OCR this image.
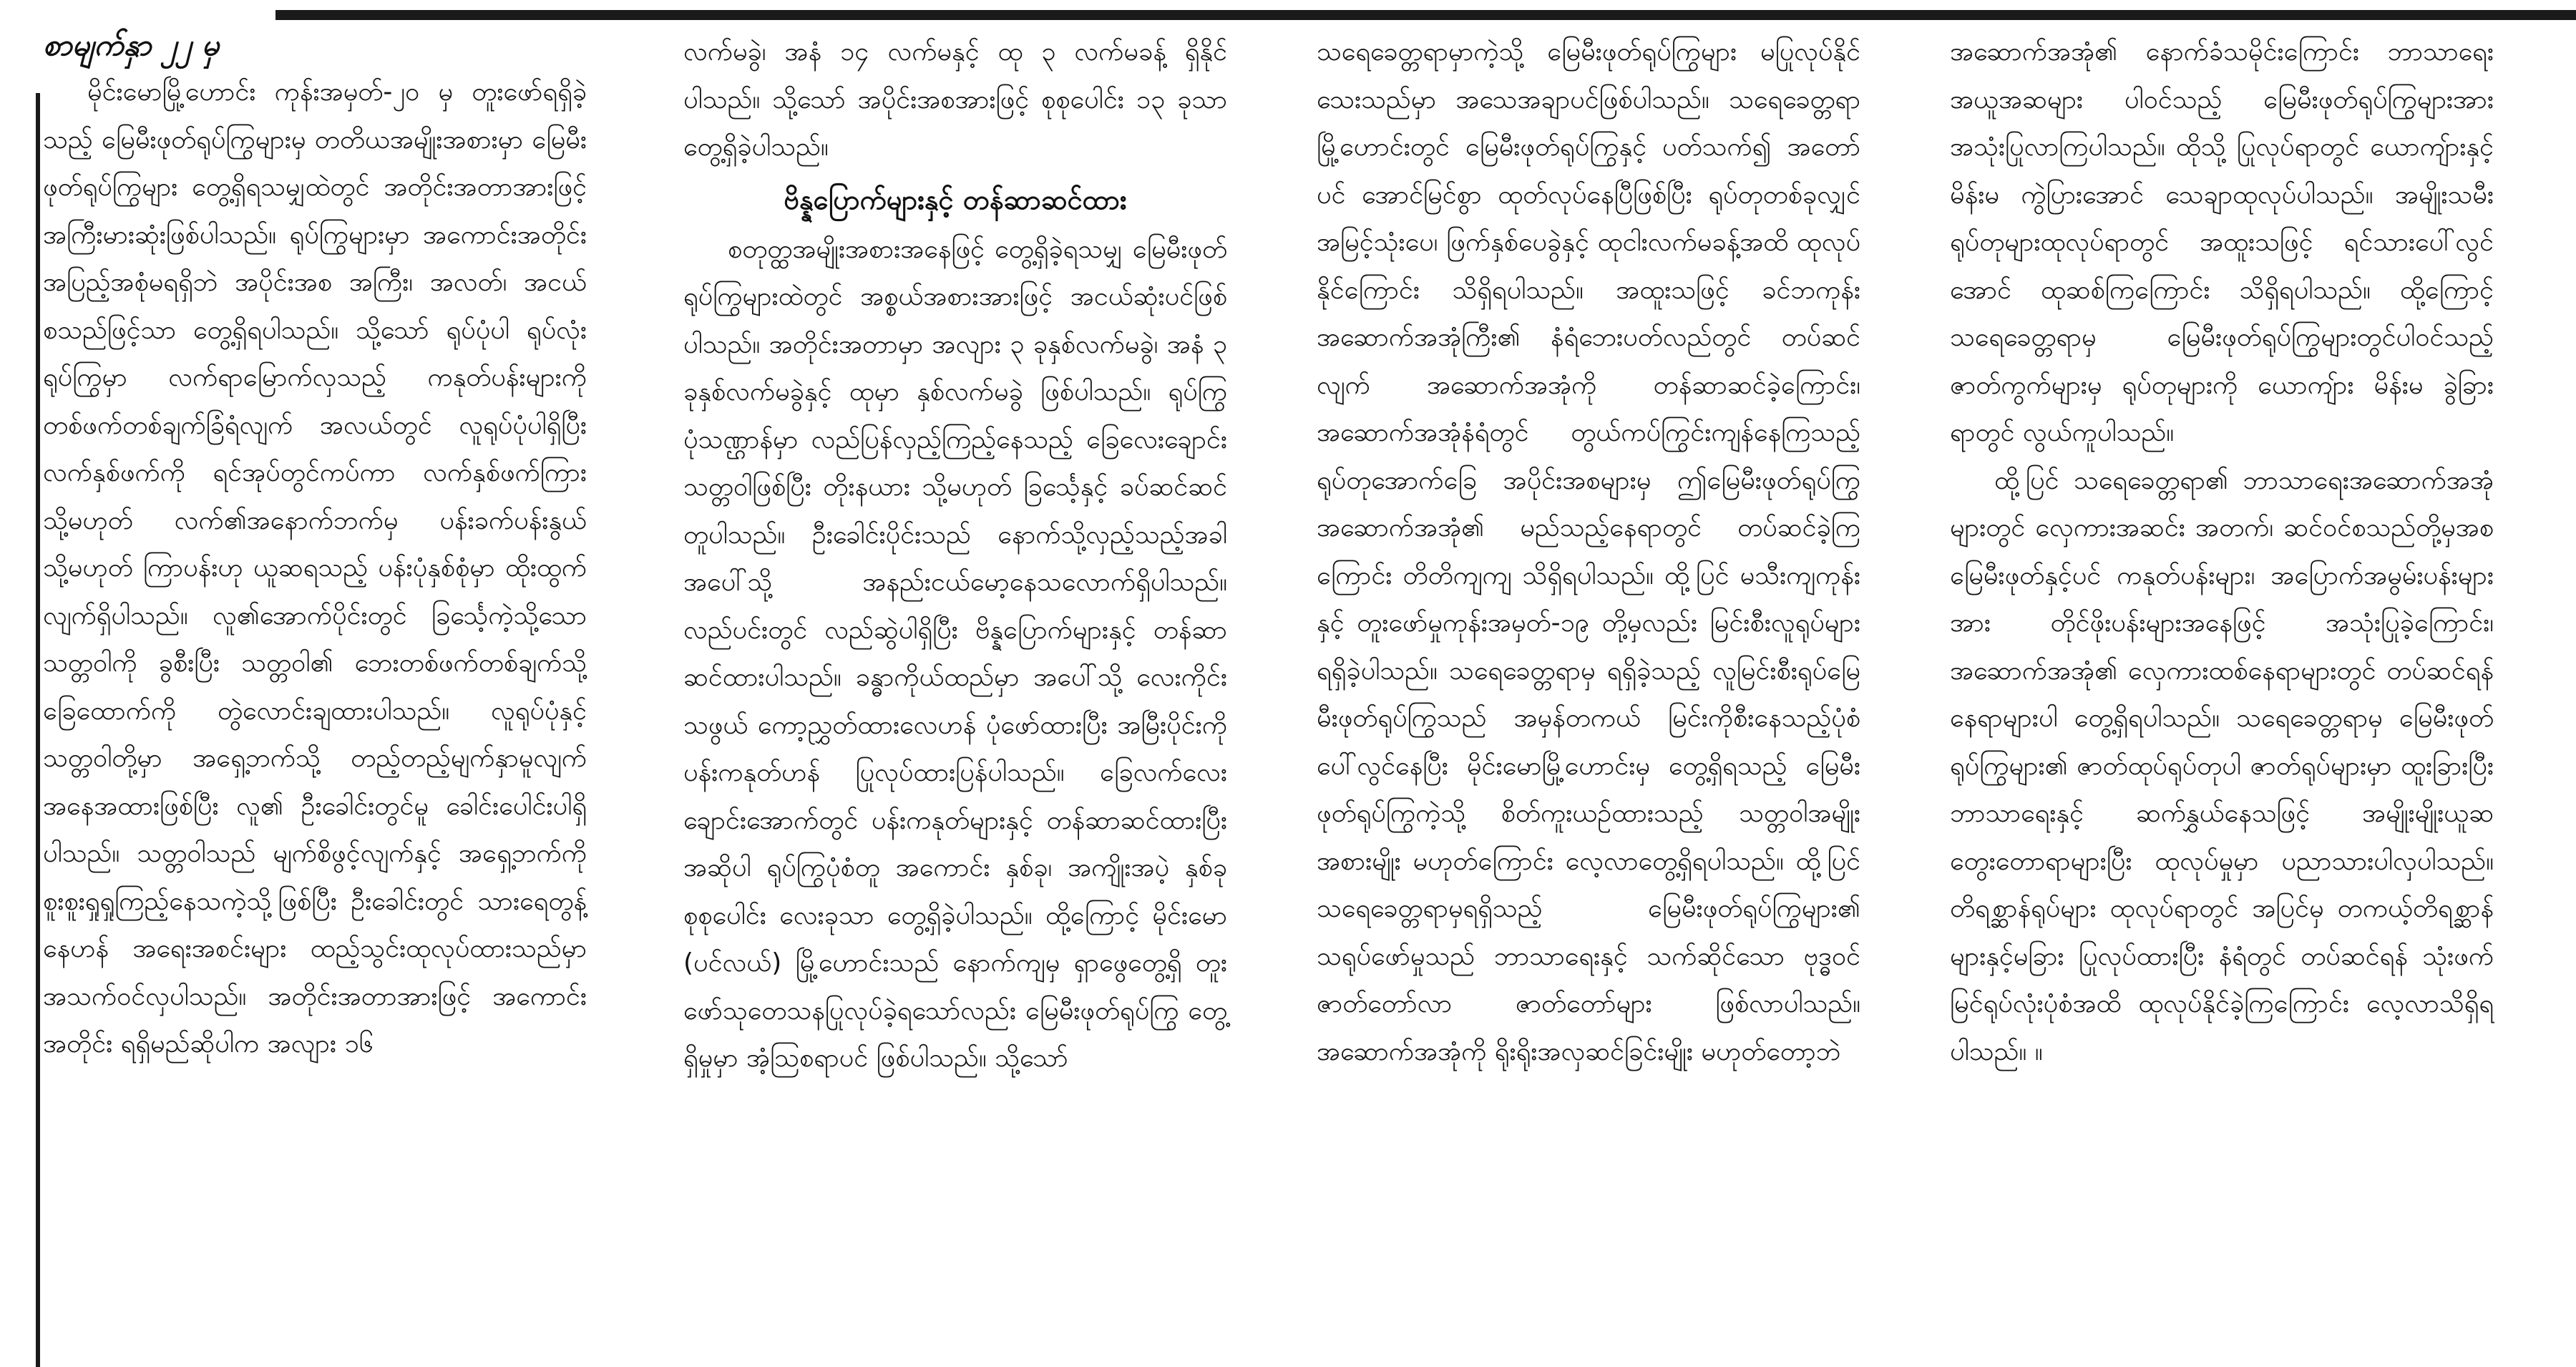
စာမျက်နှာ ၂၂ မှ

မိုင်းမောမြို့ဟောင်း ကုန်းအမှတ်-၂၀ မှ တူးဖော်ရရှိခဲ့သည့် မြေမီးဖုတ်ရုပ်ကြွများမှ တတိယအမျိုးအစားမှာ မြေမီးဖုတ်ရုပ်ကြွများ တွေ့ရှိရသမျှထဲတွင် အတိုင်းအတာအားဖြင့် အကြီးမားဆုံးဖြစ်ပါသည်။ ရုပ်ကြွများမှာ အကောင်းအတိုင်း အပြည့်အစုံမရရှိဘဲ အပိုင်းအစ အကြီး၊ အလတ်၊ အငယ် စသည်ဖြင့်သာ တွေ့ရှိရပါသည်။ သို့သော် ရုပ်ပုံပါ ရုပ်လုံးရုပ်ကြွမှာ လက်ရာမြောက်လှသည့် ကနုတ်ပန်းများကို တစ်ဖက်တစ်ချက်ခြံရံလျက် အလယ်တွင် လူရုပ်ပုံပါရှိပြီး လက်နှစ်ဖက်ကို ရင်အုပ်တွင်ကပ်ကာ လက်နှစ်ဖက်ကြား သို့မဟုတ် လက်၏အနောက်ဘက်မှ ပန်းခက်ပန်းနွယ် သို့မဟုတ် ကြာပန်းဟု ယူဆရသည့် ပန်းပုံနှစ်စုံမှာ ထိုးထွက်လျက်ရှိပါသည်။ လူ၏အောက်ပိုင်းတွင် ခြင်္သေ့ကဲ့သို့သော သတ္တဝါကို ခွစီးပြီး သတ္တဝါ၏ ဘေးတစ်ဖက်တစ်ချက်သို့ ခြေထောက်ကို တွဲလောင်းချထားပါသည်။ လူရုပ်ပုံနှင့် သတ္တဝါတို့မှာ အရှေ့ဘက်သို့ တည့်တည့်မျက်နှာမူလျက် အနေအထားဖြစ်ပြီး လူ၏ ဦးခေါင်းတွင်မူ ခေါင်းပေါင်းပါရှိပါသည်။ သတ္တဝါသည် မျက်စိဖွင့်လျက်နှင့် အရှေ့ဘက်ကို စူးစူးရှုရှုကြည့်နေသကဲ့သို့ဖြစ်ပြီး ဦးခေါင်းတွင် သားရေတွန့်နေဟန် အရေးအစင်းများ ထည့်သွင်းထုလုပ်ထားသည်မှာ အသက်ဝင်လှပါသည်။ အတိုင်းအတာအားဖြင့် အကောင်းအတိုင်း ရရှိမည်ဆိုပါက အလျား ၁၆

လက်မခွဲ၊ အနံ ၁၄ လက်မနှင့် ထု ၃ လက်မခန့် ရှိနိုင်ပါသည်။ သို့သော် အပိုင်းအစအားဖြင့် စုစုပေါင်း ၁၃ ခုသာ တွေ့ရှိခဲ့ပါသည်။

ဗိန္နပြောက်များနှင့် တန်ဆာဆင်ထား

စတုတ္ထအမျိုးအစားအနေဖြင့် တွေ့ရှိခဲ့ရသမျှ မြေမီးဖုတ်ရုပ်ကြွများထဲတွင် အစ္စယ်အစားအားဖြင့် အငယ်ဆုံးပင်ဖြစ်ပါသည်။ အတိုင်းအတာမှာ အလျား ၃ ခုနှစ်လက်မခွဲ၊ အနံ ၃ ခုနှစ်လက်မခွဲနှင့် ထုမှာ နှစ်လက်မခွဲ ဖြစ်ပါသည်။ ရုပ်ကြွပုံသဏ္ဌာန်မှာ လည်ပြန်လှည့်ကြည့်နေသည့် ခြေလေးချောင်းသတ္တဝါဖြစ်ပြီး တိုးနယား သို့မဟုတ် ခြင်္သေ့နှင့် ခပ်ဆင်ဆင် တူပါသည်။ ဦးခေါင်းပိုင်းသည် နောက်သို့လှည့်သည့်အခါ အပေါ်သို့ အနည်းငယ်မော့နေသလောက်ရှိပါသည်။ လည်ပင်းတွင် လည်ဆွဲပါရှိပြီး ဗိန္နပြောက်များနှင့် တန်ဆာဆင်ထားပါသည်။ ခန္ဓာကိုယ်ထည်မှာ အပေါ်သို့ လေးကိုင်းသဖွယ် ကော့ညွှတ်ထားလေဟန် ပုံဖော်ထားပြီး အမြီးပိုင်းကို ပန်းကနုတ်ဟန် ပြုလုပ်ထားပြန်ပါသည်။ ခြေလက်လေးချောင်းအောက်တွင် ပန်းကနုတ်များနှင့် တန်ဆာဆင်ထားပြီး အဆိုပါ ရုပ်ကြွပုံစံတူ အကောင်း နှစ်ခု၊ အကျိုးအပဲ့ နှစ်ခု စုစုပေါင်း လေးခုသာ တွေ့ရှိခဲ့ပါသည်။ ထို့ကြောင့် မိုင်းမော (ပင်လယ်) မြို့ဟောင်းသည် နောက်ကျမှ ရှာဖွေတွေ့ရှိ တူးဖော်သုတေသနပြုလုပ်ခဲ့ရသော်လည်း မြေမီးဖုတ်ရုပ်ကြွ တွေ့ရှိမှုမှာ အံ့ဩစရာပင် ဖြစ်ပါသည်။ သို့သော်

သရေခေတ္တရာမှာကဲ့သို့ မြေမီးဖုတ်ရုပ်ကြွများ မပြုလုပ်နိုင်သေးသည်မှာ အသေအချာပင်ဖြစ်ပါသည်။ သရေခေတ္တရာမြို့ဟောင်းတွင် မြေမီးဖုတ်ရုပ်ကြွနှင့် ပတ်သက်၍ အတော်ပင် အောင်မြင်စွာ ထုတ်လုပ်နေပြီဖြစ်ပြီး ရုပ်တုတစ်ခုလျှင် အမြင့်သုံးပေ၊ ဖြက်နှစ်ပေခွဲနှင့် ထုငါးလက်မခန့်အထိ ထုလုပ်နိုင်ကြောင်း သိရှိရပါသည်။ အထူးသဖြင့် ခင်ဘကုန်းအဆောက်အအုံကြီး၏ နံရံဘေးပတ်လည်တွင် တပ်ဆင်လျက် အဆောက်အအုံကို တန်ဆာဆင်ခဲ့ကြောင်း၊ အဆောက်အအုံနံရံတွင် တွယ်ကပ်ကြွင်းကျန်နေကြသည့် ရုပ်တုအောက်ခြေ အပိုင်းအစများမှ ဤမြေမီးဖုတ်ရုပ်ကြွအဆောက်အအုံ၏ မည်သည့်နေရာတွင် တပ်ဆင်ခဲ့ကြကြောင်း တိတိကျကျ သိရှိရပါသည်။ ထို့ပြင် မသီးကျကုန်းနှင့် တူးဖော်မှုကုန်းအမှတ်-၁၉ တို့မှလည်း မြင်းစီးလူရုပ်များ ရရှိခဲ့ပါသည်။ သရေခေတ္တရာမှ ရရှိခဲ့သည့် လူမြင်းစီးရုပ်မြေမီးဖုတ်ရုပ်ကြွသည် အမှန်တကယ် မြင်းကိုစီးနေသည့်ပုံစံပေါ်လွင်နေပြီး မိုင်းမောမြို့ဟောင်းမှ တွေ့ရှိရသည့် မြေမီးဖုတ်ရုပ်ကြွကဲ့သို့ စိတ်ကူးယဉ်ထားသည့် သတ္တဝါအမျိုးအစားမျိုး မဟုတ်ကြောင်း လေ့လာတွေ့ရှိရပါသည်။ ထို့ပြင် သရေခေတ္တရာမှရရှိသည့် မြေမီးဖုတ်ရုပ်ကြွများ၏ သရုပ်ဖော်မှုသည် ဘာသာရေးနှင့် သက်ဆိုင်သော ဗုဒ္ဓဝင်ဇာတ်တော်လာ ဇာတ်တော်များ ဖြစ်လာပါသည်။ အဆောက်အအုံကို ရိုးရိုးအလှဆင်ခြင်းမျိုး မဟုတ်တော့ဘဲ

အဆောက်အအုံ၏ နောက်ခံသမိုင်းကြောင်း ဘာသာရေးအယူအဆများ ပါဝင်သည့် မြေမီးဖုတ်ရုပ်ကြွများအား အသုံးပြုလာကြပါသည်။ ထိုသို့ ပြုလုပ်ရာတွင် ယောကျ်ားနှင့်မိန်းမ ကွဲပြားအောင် သေချာထုလုပ်ပါသည်။ အမျိုးသမီး ရုပ်တုများထုလုပ်ရာတွင် အထူးသဖြင့် ရင်သားပေါ်လွင်အောင် ထုဆစ်ကြကြောင်း သိရှိရပါသည်။ ထို့ကြောင့် သရေခေတ္တရာမှ မြေမီးဖုတ်ရုပ်ကြွများတွင်ပါဝင်သည့် ဇာတ်ကွက်များမှ ရုပ်တုများကို ယောကျ်ား မိန်းမ ခွဲခြားရာတွင် လွယ်ကူပါသည်။

ထို့ပြင် သရေခေတ္တရာ၏ ဘာသာရေးအဆောက်အအုံများတွင် လှေကားအဆင်း အတက်၊ ဆင်ဝင်စသည်တို့မှအစ မြေမီးဖုတ်နှင့်ပင် ကနုတ်ပန်းများ၊ အပြောက်အမွမ်းပန်းများအား တိုင်ဖိုးပန်းများအနေဖြင့် အသုံးပြုခဲ့ကြောင်း၊ အဆောက်အအုံ၏ လှေကားထစ်နေရာများတွင် တပ်ဆင်ရန်နေရာများပါ တွေ့ရှိရပါသည်။ သရေခေတ္တရာမှ မြေမီးဖုတ်ရုပ်ကြွများ၏ ဇာတ်ထုပ်ရုပ်တုပါ ဇာတ်ရုပ်များမှာ ထူးခြားပြီး ဘာသာရေးနှင့် ဆက်နွှယ်နေသဖြင့် အမျိုးမျိုးယူဆတွေးတောရာများပြီး ထုလုပ်မှုမှာ ပညာသားပါလှပါသည်။ တိရစ္ဆာန်ရုပ်များ ထုလုပ်ရာတွင် အပြင်မှ တကယ့်တိရစ္ဆာန်များနှင့်မခြား ပြုလုပ်ထားပြီး နံရံတွင် တပ်ဆင်ရန် သုံးဖက်မြင်ရုပ်လုံးပုံစံအထိ ထုလုပ်နိုင်ခဲ့ကြကြောင်း လေ့လာသိရှိရပါသည်။ ။
